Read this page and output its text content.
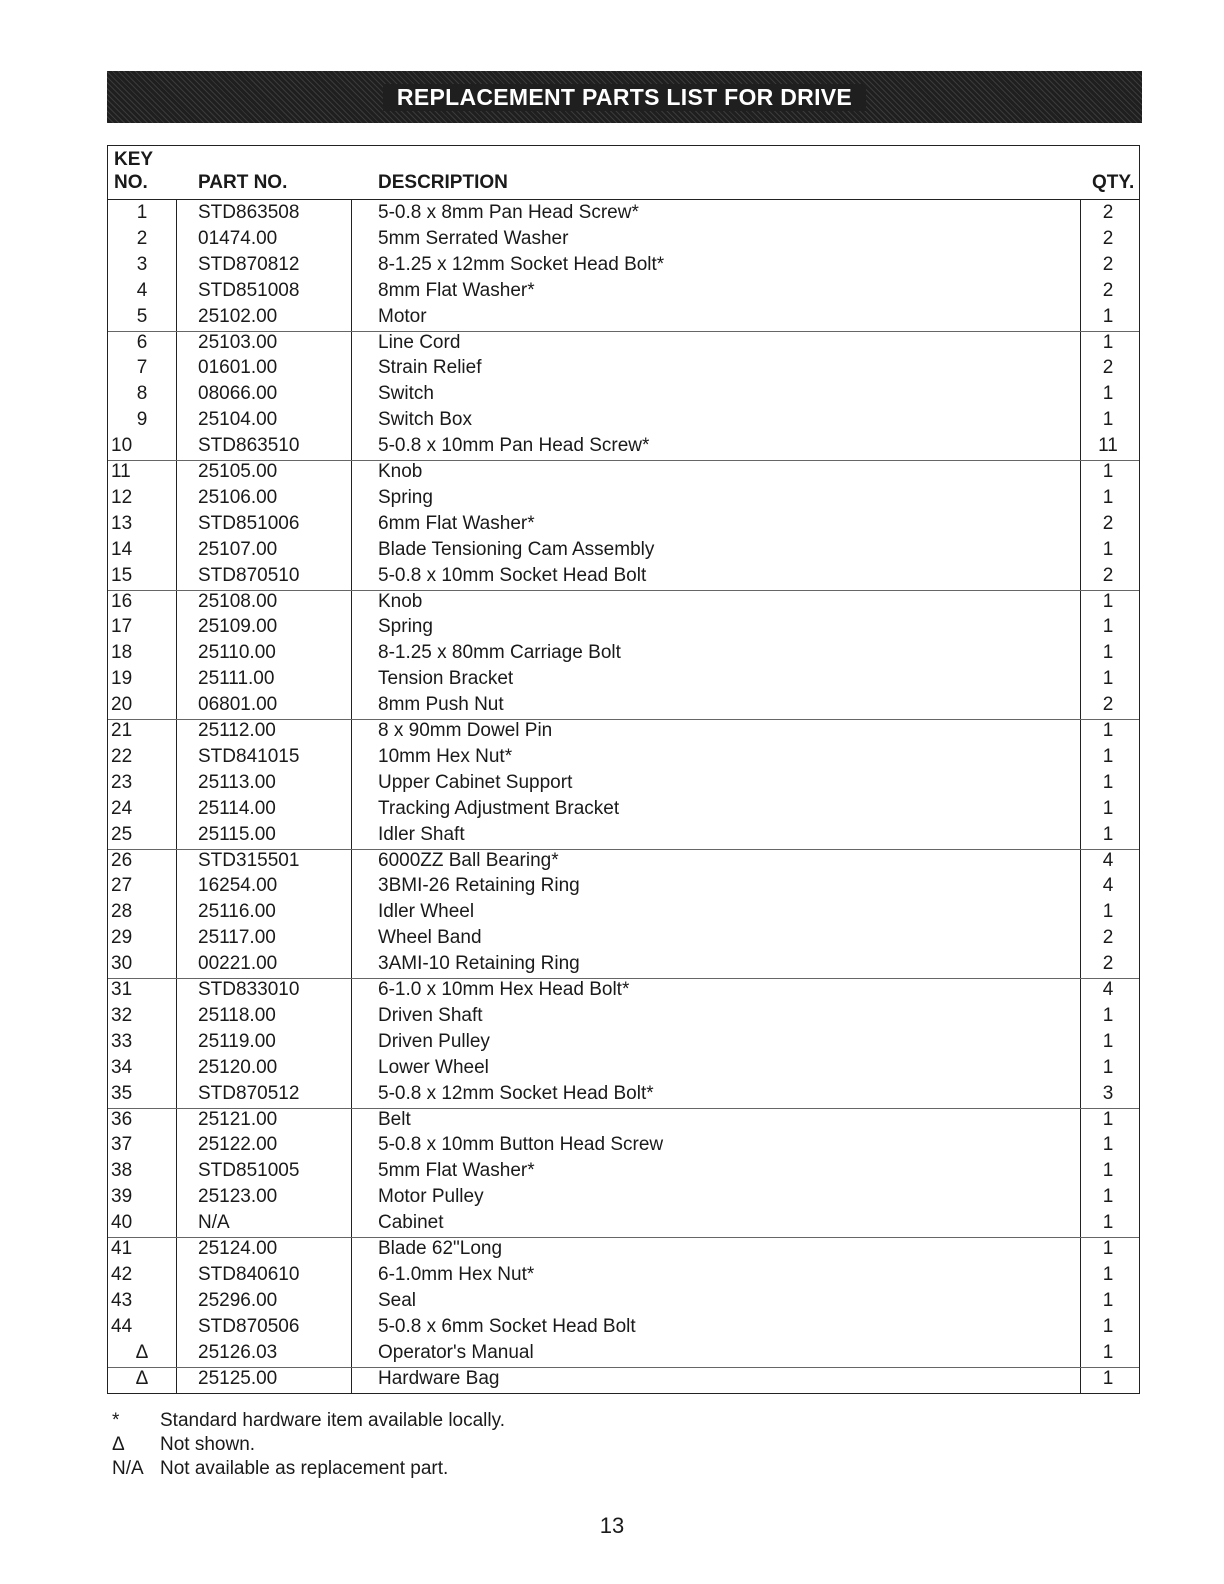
REPLACEMENT PARTS LIST FOR DRIVE
KEY
NO.	PART NO.	DESCRIPTION	QTY.
1	STD863508	5-0.8 x 8mm Pan Head Screw*	2
2	01474.00	5mm Serrated Washer	2
3	STD870812	8-1.25 x 12mm Socket Head Bolt*	2
4	STD851008	8mm Flat Washer*	2
5	25102.00	Motor	1
6	25103.00	Line Cord	1
7	01601.00	Strain Relief	2
8	08066.00	Switch	1
9	25104.00	Switch Box	1
10	STD863510	5-0.8 x 10mm Pan Head Screw*	11
11	25105.00	Knob	1
12	25106.00	Spring	1
13	STD851006	6mm Flat Washer*	2
14	25107.00	Blade Tensioning Cam Assembly	1
15	STD870510	5-0.8 x 10mm Socket Head Bolt	2
16	25108.00	Knob	1
17	25109.00	Spring	1
18	25110.00	8-1.25 x 80mm Carriage Bolt	1
19	25111.00	Tension Bracket	1
20	06801.00	8mm Push Nut	2
21	25112.00	8 x 90mm Dowel Pin	1
22	STD841015	10mm Hex Nut*	1
23	25113.00	Upper Cabinet Support	1
24	25114.00	Tracking Adjustment Bracket	1
25	25115.00	Idler Shaft	1
26	STD315501	6000ZZ Ball Bearing*	4
27	16254.00	3BMI-26 Retaining Ring	4
28	25116.00	Idler Wheel	1
29	25117.00	Wheel Band	2
30	00221.00	3AMI-10 Retaining Ring	2
31	STD833010	6-1.0 x 10mm Hex Head Bolt*	4
32	25118.00	Driven Shaft	1
33	25119.00	Driven Pulley	1
34	25120.00	Lower Wheel	1
35	STD870512	5-0.8 x 12mm Socket Head Bolt*	3
36	25121.00	Belt	1
37	25122.00	5-0.8 x 10mm Button Head Screw	1
38	STD851005	5mm Flat Washer*	1
39	25123.00	Motor Pulley	1
40	N/A	Cabinet	1
41	25124.00	Blade 62"Long	1
42	STD840610	6-1.0mm Hex Nut*	1
43	25296.00	Seal	1
44	STD870506	5-0.8 x 6mm Socket Head Bolt	1
Δ	25126.03	Operator's Manual	1
Δ	25125.00	Hardware Bag	1
*	Standard hardware item available locally.
Δ	Not shown.
N/A Not available as replacement part.
13
